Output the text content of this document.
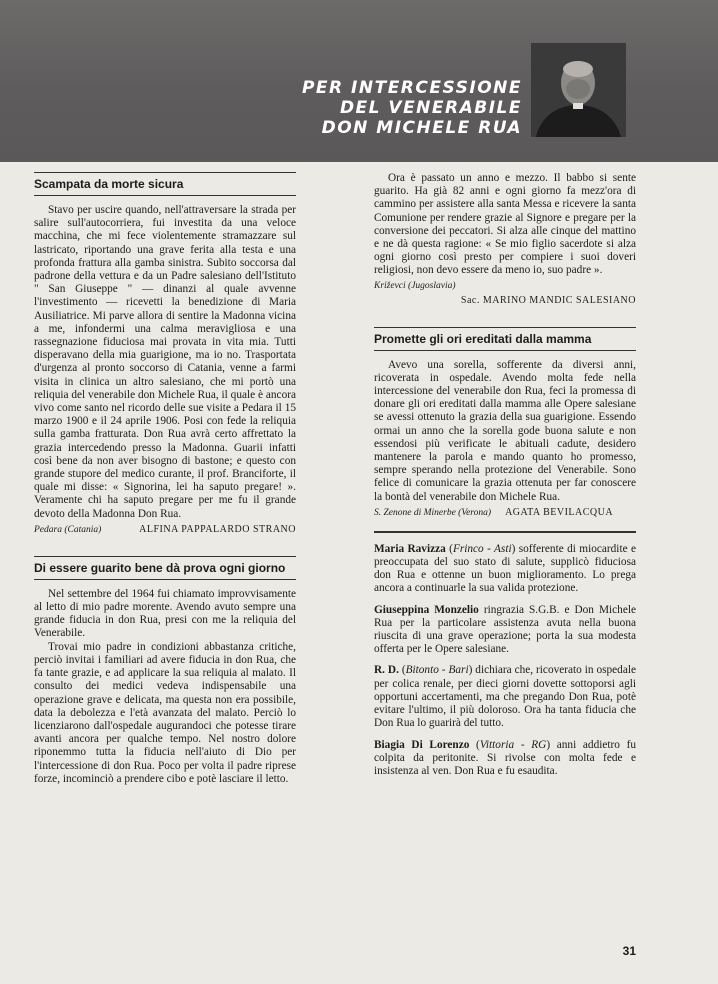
PER INTERCESSIONE
DEL VENERABILE
DON MICHELE RUA
Scampata da morte sicura

Stavo per uscire quando, nell'attraversare la strada per salire sull'autocorriera, fui investita da una veloce macchina, che mi fece violentemente stramazzare sul lastricato, riportando una grave ferita alla testa e una profonda frattura alla gamba sinistra. Subito soccorsa dal padrone della vettura e da un Padre salesiano dell'Istituto " San Giuseppe " — dinanzi al quale avvenne l'investimento — ricevetti la benedizione di Maria Ausiliatrice. Mi parve allora di sentire la Madonna vicina a me, infondermi una calma meravigliosa e una rassegnazione fiduciosa mai provata in vita mia. Tutti disperavano della mia guarigione, ma io no. Trasportata d'urgenza al pronto soccorso di Catania, venne a farmi visita in clinica un altro salesiano, che mi portò una reliquia del venerabile don Michele Rua, il quale è ancora vivo come santo nel ricordo delle sue visite a Pedara il 15 marzo 1900 e il 24 aprile 1906. Posi con fede la reliquia sulla gamba fratturata. Don Rua avrà certo affrettato la grazia intercedendo presso la Madonna. Guarii infatti così bene da non aver bisogno di bastone; e questo con grande stupore del medico curante, il prof. Branciforte, il quale mi disse: « Signorina, lei ha saputo pregare! ». Veramente chi ha saputo pregare per me fu il grande devoto della Madonna Don Rua.

Pedara (Catania)	ALFINA PAPPALARDO STRANO
Di essere guarito bene dà prova ogni giorno

Nel settembre del 1964 fui chiamato improvvisamente al letto di mio padre morente. Avendo avuto sempre una grande fiducia in don Rua, presi con me la reliquia del Venerabile.

Trovai mio padre in condizioni abbastanza critiche, perciò invitai i familiari ad avere fiducia in don Rua, che fa tante grazie, e ad applicare la sua reliquia al malato. Il consulto dei medici vedeva indispensabile una operazione grave e delicata, ma questa non era possibile, data la debolezza e l'età avanzata del malato. Perciò lo licenziarono dall'ospedale augurandoci che potesse tirare avanti ancora per qualche tempo. Nel nostro dolore riponemmo tutta la fiducia nell'aiuto di Dio per l'intercessione di don Rua. Poco per volta il padre riprese forze, incominciò a prendere cibo e potè lasciare il letto.

Ora è passato un anno e mezzo. Il babbo si sente guarito. Ha già 82 anni e ogni giorno fa mezz'ora di cammino per assistere alla santa Messa e ricevere la santa Comunione per rendere grazie al Signore e pregare per la conversione dei peccatori. Si alza alle cinque del mattino e ne dà questa ragione: « Se mio figlio sacerdote si alza ogni giorno così presto per compiere i suoi doveri religiosi, non devo essere da meno io, suo padre ».

Križevci (Jugoslavia)

Sac. MARINO MANDIC SALESIANO

Promette gli ori ereditati dalla mamma

Avevo una sorella, sofferente da diversi anni, ricoverata in ospedale. Avendo molta fede nella intercessione del venerabile don Rua, feci la promessa di donare gli ori ereditati dalla mamma alle Opere salesiane se avessi ottenuto la grazia della sua guarigione. Essendo ormai un anno che la sorella gode buona salute e non essendosi più verificate le abituali cadute, desidero mantenere la parola e mando quanto ho promesso, sempre sperando nella protezione del Venerabile. Sono felice di comunicare la grazia ottenuta per far conoscere la bontà del venerabile don Michele Rua.

S. Zenone di Minerbe (Verona) AGATA BEVILACQUA

Maria Ravizza (Frinco - Asti) sofferente di miocardite e preoccupata del suo stato di salute, supplicò fiduciosa don Rua e ottenne un buon miglioramento. Lo prega ancora a continuarle la sua valida protezione.

Giuseppina Monzelio ringrazia S.G.B. e Don Michele Rua per la particolare assistenza avuta nella buona riuscita di una grave operazione; porta la sua modesta offerta per le Opere salesiane.

R. D. (Bitonto - Bari) dichiara che, ricoverato in ospedale per colica renale, per dieci giorni dovette sottoporsi agli opportuni accertamenti, ma che pregando Don Rua, potè evitare l'ultimo, il più doloroso. Ora ha tanta fiducia che Don Rua lo guarirà del tutto.

Biagia Di Lorenzo (Vittoria - RG) anni addietro fu colpita da peritonite. Si rivolse con molta fede e insistenza al ven. Don Rua e fu esaudita.

31
